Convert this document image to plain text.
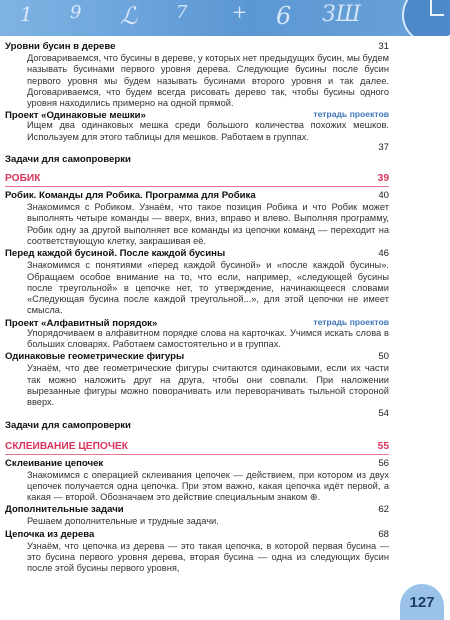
1 9 ℒ 7 + 6 ЗШ
Уровни бусин в дереве	31

Договариваемся, что бусины в дереве, у которых нет предыдущих бусин, мы будем называть бусинами первого уровня дерева. Следующие бусины после бусин первого уровня мы будем называть бусинами второго уровня и так далее. Договариваемся, что будем всегда рисовать дерево так, чтобы бусины одного уровня находились примерно на одной прямой.

Проект «Одинаковые мешки»	тетрадь проектов

Ищем два одинаковых мешка среди большого количества похожих мешков. Используем для этого таблицы для мешков. Работаем в группах.

37
Задачи для самопроверки
РОБИК	39
Робик. Команды для Робика. Программа для Робика	40

Знакомимся с Робиком. Узнаём, что такое позиция Робика и что Робик может выполнять четыре команды — вверх, вниз, вправо и влево. Выполняя программу, Робик одну за другой выполняет все команды из цепочки команд — переходит на соответствующую клетку, закрашивая её.

Перед каждой бусиной. После каждой бусины	46

Знакомимся с понятиями «перед каждой бусиной» и «после каждой бусины». Обращаем особое внимание на то, что если, например, «следующей бусины после треугольной» в цепочке нет, то утверждение, начинающееся словами «Следующая бусина после каждой треугольной...», для этой цепочки не имеет смысла.

Проект «Алфавитный порядок»	тетрадь проектов

Упорядочиваем в алфавитном порядке слова на карточках. Учимся искать слова в больших словарях. Работаем самостоятельно и в группах.

Одинаковые геометрические фигуры	50

Узнаём, что две геометрические фигуры считаются одинаковыми, если их части так можно наложить друг на друга, чтобы они совпали. При наложении вырезанные фигуры можно поворачивать или переворачивать тыльной стороной вверх.

54
Задачи для самопроверки
СКЛЕИВАНИЕ ЦЕПОЧЕК	55
Склеивание цепочек	56

Знакомимся с операцией склеивания цепочек — действием, при котором из двух цепочек получается одна цепочка. При этом важно, какая цепочка идёт первой, а какая — второй. Обозначаем это действие специальным знаком ⊕.

Дополнительные задачи	62

Решаем дополнительные и трудные задачи.

Цепочка из дерева	68

Узнаём, что цепочка из дерева — это такая цепочка, в которой первая бусина — это бусина первого уровня дерева, вторая бусина — одна из следующих бусин после этой бусины первого уровня,

127
